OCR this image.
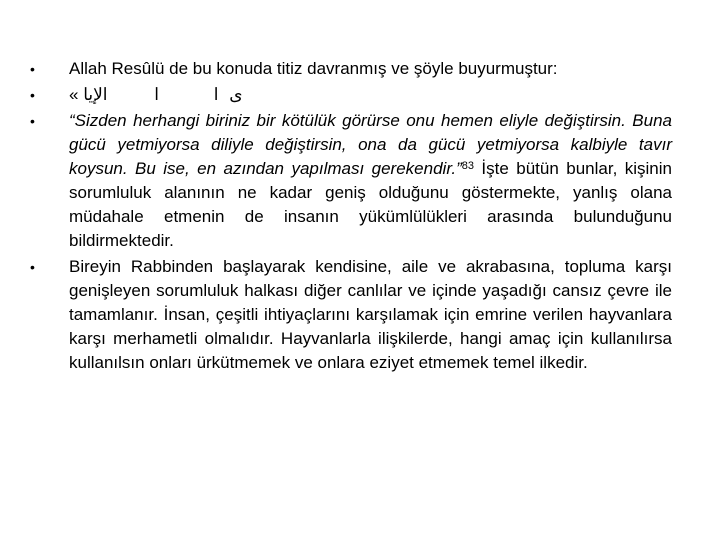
•	Allah Resûlü de bu konuda titiz davranmış ve şöyle buyurmuştur:
•	« اﻹﻳﺎ	ا	ا ى
•	“Sizden herhangi biriniz bir kötülük görürse onu hemen eliyle değiştirsin. Buna gücü yetmiyorsa diliyle değiştirsin, ona da gücü yetmiyorsa kalbiyle tavır koysun. Bu ise, en azından yapılması gerekendir.”$^{83}$ İşte bütün bunlar, kişinin sorumluluk alanının ne kadar geniş olduğunu göstermekte, yanlış olana müdahale etmenin de insanın yükümlülükleri arasında bulunduğunu bildirmektedir.
•	Bireyin Rabbinden başlayarak kendisine, aile ve akrabasına, topluma karşı genişleyen sorumluluk halkası diğer canlılar ve içinde yaşadığı cansız çevre ile tamamlanır. İnsan, çeşitli ihtiyaçlarını karşılamak için emrine verilen hayvanlara karşı merhametli olmalıdır. Hayvanlarla ilişkilerde, hangi amaç için kullanılırsa kullanılsın onları ürkütmemek ve onlara eziyet etmemek temel ilkedir.
